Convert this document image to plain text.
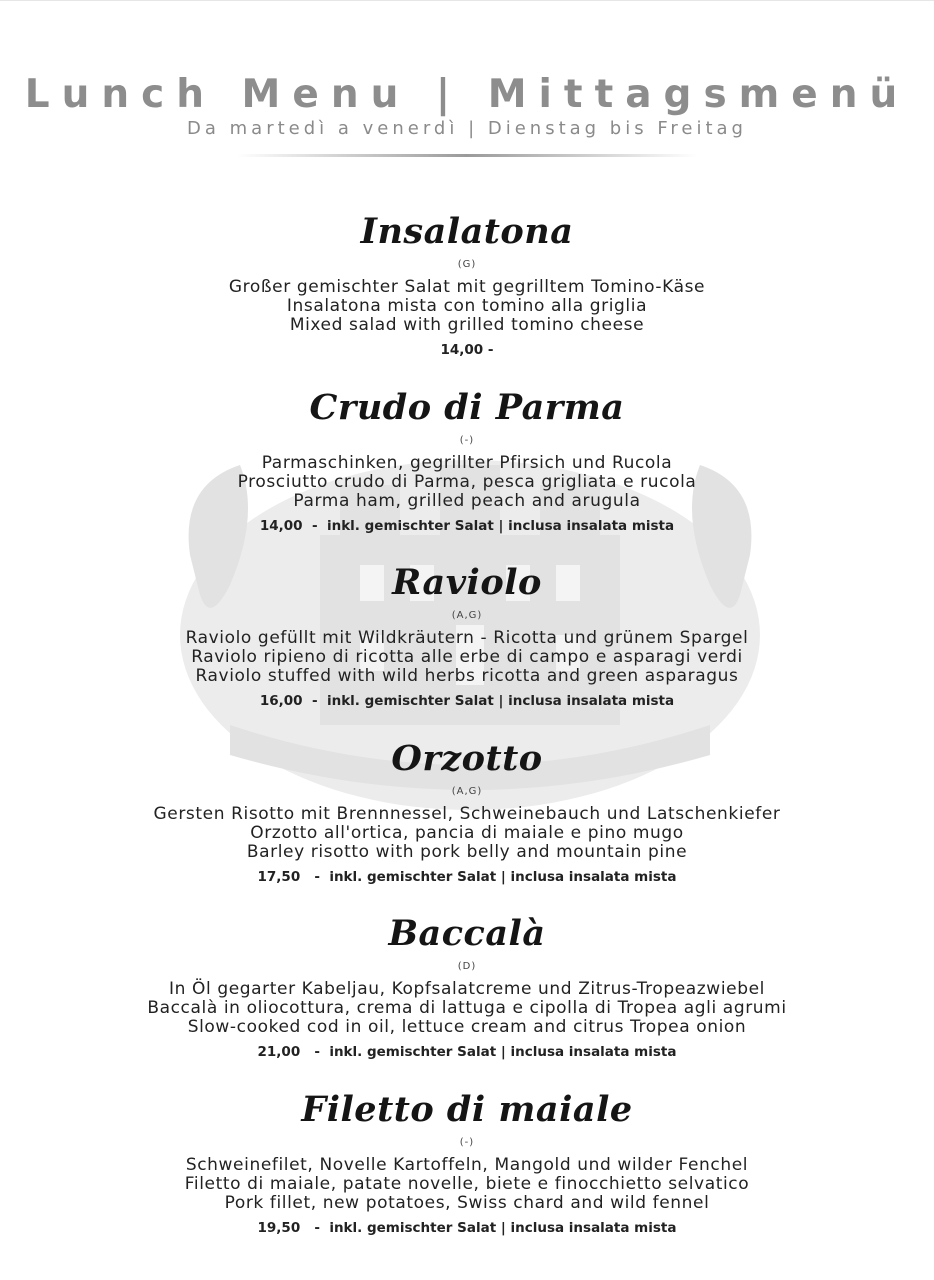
Lunch Menu | Mittagsmenü
Da martedì a venerdì | Dienstag bis Freitag
Insalatona
(G)
Großer gemischter Salat mit gegrilltem Tomino-Käse
Insalatona mista con tomino alla griglia
Mixed salad with grilled tomino cheese
14,00 -
Crudo di Parma
(-)
Parmaschinken, gegrillter Pfirsich und Rucola
Prosciutto crudo di Parma, pesca grigliata e rucola
Parma ham, grilled peach and arugula
14,00  -  inkl. gemischter Salat | inclusa insalata mista
Raviolo
(A,G)
Raviolo gefüllt mit Wildkräutern - Ricotta und grünem Spargel
Raviolo ripieno di ricotta alle erbe di campo e asparagi verdi
Raviolo stuffed with wild herbs ricotta and green asparagus
16,00  -  inkl. gemischter Salat | inclusa insalata mista
Orzotto
(A,G)
Gersten Risotto mit Brennnessel, Schweinebauch und Latschenkiefer
Orzotto all'ortica, pancia di maiale e pino mugo
Barley risotto with pork belly and mountain pine
17,50   -  inkl. gemischter Salat | inclusa insalata mista
Baccalà
(D)
In Öl gegarter Kabeljau, Kopfsalatcreme und Zitrus-Tropeazwiebel
Baccalà in oliocottura, crema di lattuga e cipolla di Tropea agli agrumi
Slow-cooked cod in oil, lettuce cream and citrus Tropea onion
21,00   -  inkl. gemischter Salat | inclusa insalata mista
Filetto di maiale
(-)
Schweinefilet, Novelle Kartoffeln, Mangold und wilder Fenchel
Filetto di maiale, patate novelle, biete e finocchietto selvatico
Pork fillet, new potatoes, Swiss chard and wild fennel
19,50   -  inkl. gemischter Salat | inclusa insalata mista
